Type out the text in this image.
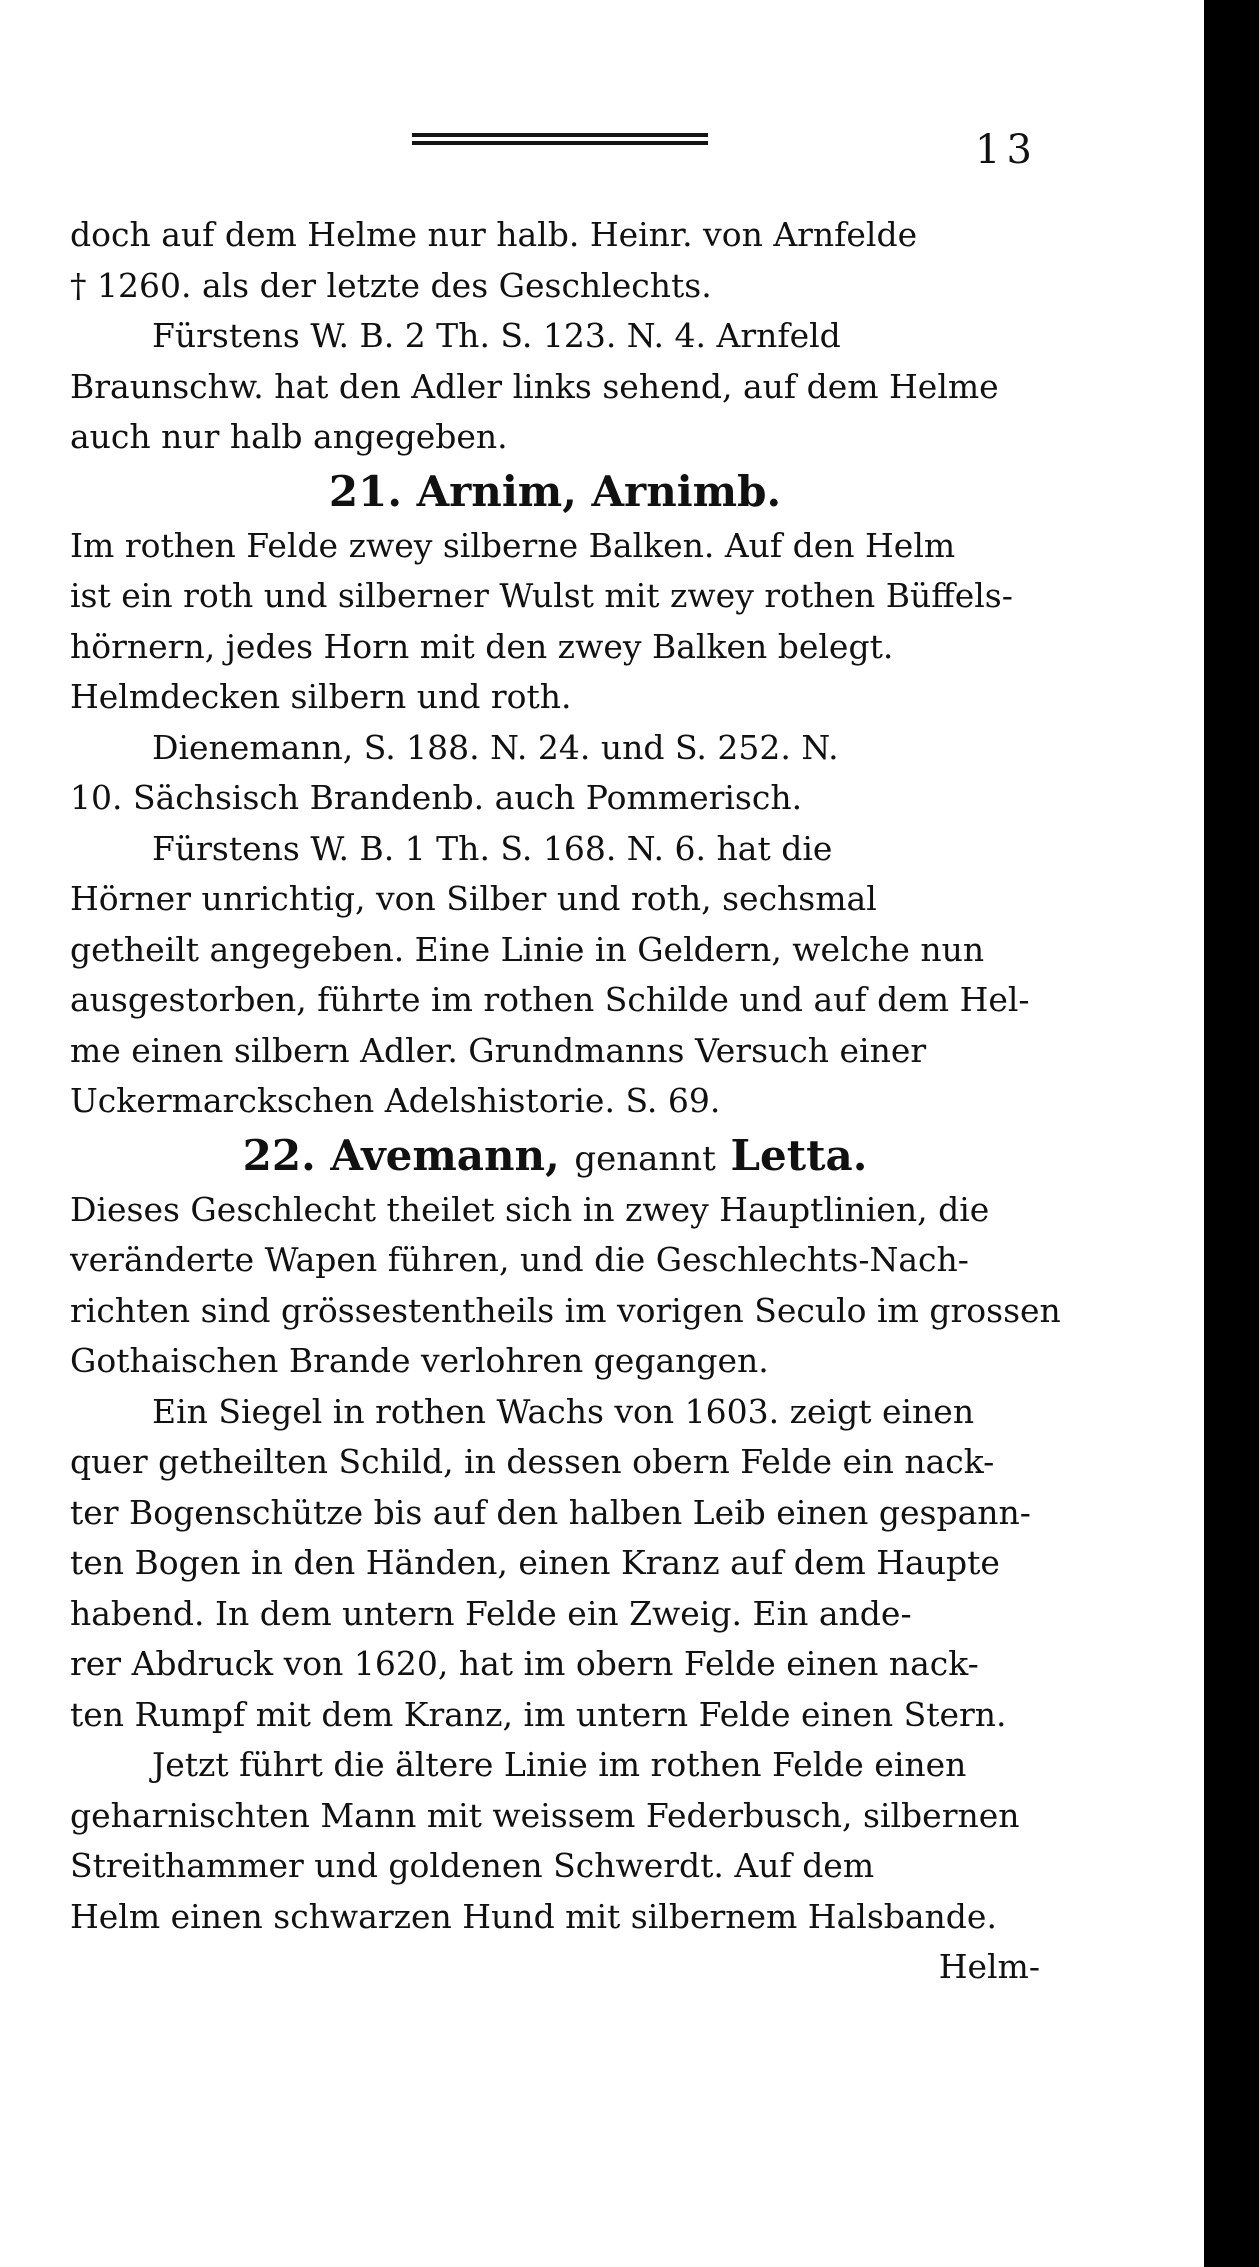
13
doch auf dem Helme nur halb. Heinr. von Arnfelde
† 1260. als der letzte des Geschlechts.
Fürstens W. B. 2 Th. S. 123. N. 4. Arnfeld
Braunschw. hat den Adler links sehend, auf dem Helme
auch nur halb angegeben.
21. Arnim, Arnimb.
Im rothen Felde zwey silberne Balken. Auf den Helm
ist ein roth und silberner Wulst mit zwey rothen Büffels-
hörnern, jedes Horn mit den zwey Balken belegt.
Helmdecken silbern und roth.
Dienemann, S. 188. N. 24. und S. 252. N.
10. Sächsisch Brandenb. auch Pommerisch.
Fürstens W. B. 1 Th. S. 168. N. 6. hat die
Hörner unrichtig, von Silber und roth, sechsmal
getheilt angegeben. Eine Linie in Geldern, welche nun
ausgestorben, führte im rothen Schilde und auf dem Hel-
me einen silbern Adler. Grundmanns Versuch einer
Uckermarckschen Adelshistorie. S. 69.
22. Avemann, genannt Letta.
Dieses Geschlecht theilet sich in zwey Hauptlinien, die
veränderte Wapen führen, und die Geschlechts-Nach-
richten sind grössestentheils im vorigen Seculo im grossen
Gothaischen Brande verlohren gegangen.
Ein Siegel in rothen Wachs von 1603. zeigt einen
quer getheilten Schild, in dessen obern Felde ein nack-
ter Bogenschütze bis auf den halben Leib einen gespann-
ten Bogen in den Händen, einen Kranz auf dem Haupte
habend. In dem untern Felde ein Zweig. Ein ande-
rer Abdruck von 1620, hat im obern Felde einen nack-
ten Rumpf mit dem Kranz, im untern Felde einen Stern.
Jetzt führt die ältere Linie im rothen Felde einen
geharnischten Mann mit weissem Federbusch, silbernen
Streithammer und goldenen Schwerdt. Auf dem
Helm einen schwarzen Hund mit silbernem Halsbande.
Helm-
